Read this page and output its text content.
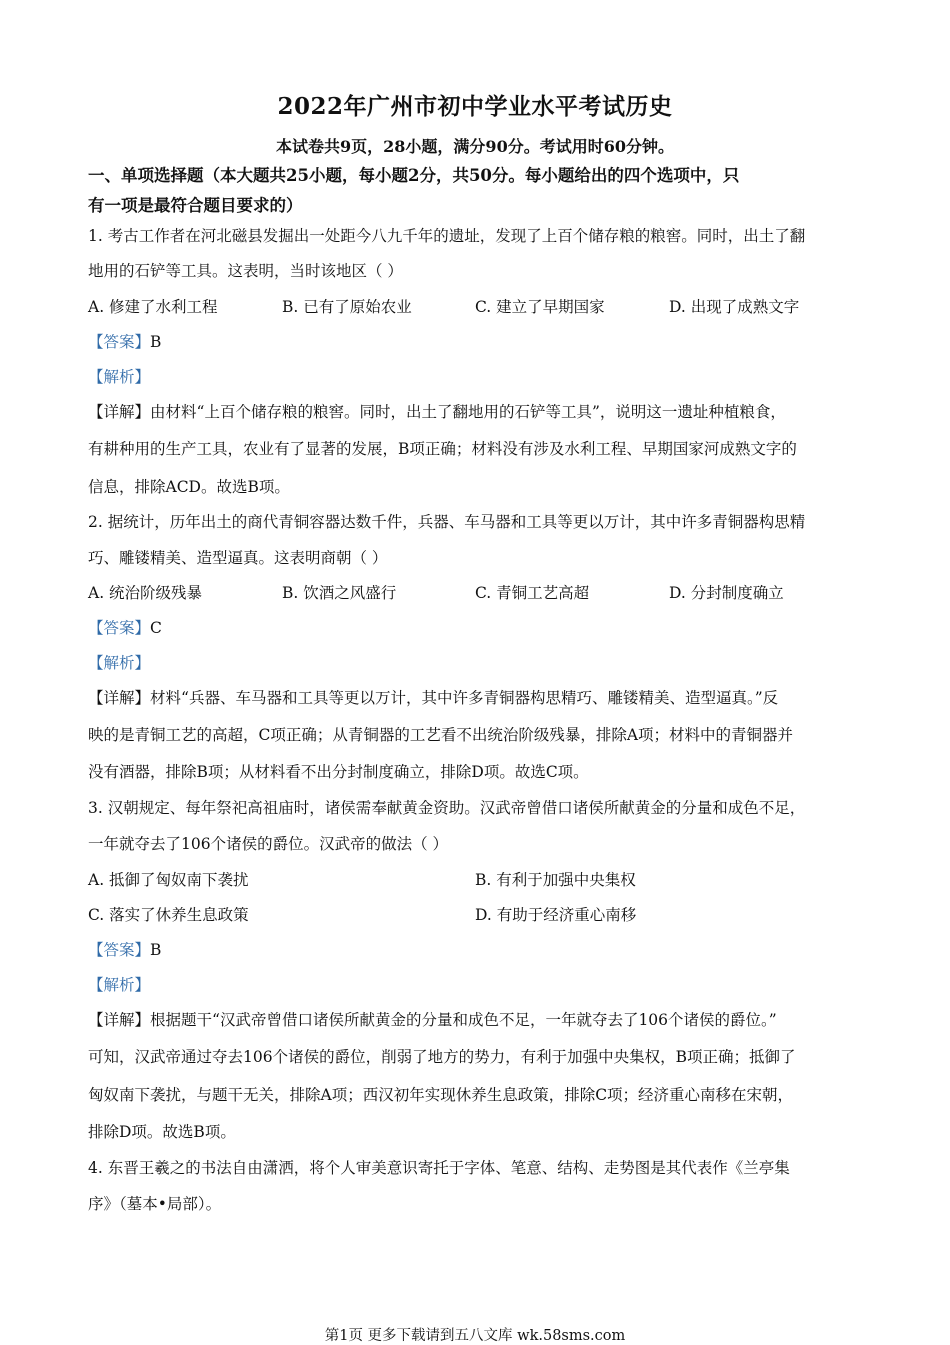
2022年广州市初中学业水平考试历史
本试卷共9页，28小题，满分90分。考试用时60分钟。
一、单项选择题（本大题共25小题，每小题2分，共50分。每小题给出的四个选项中，只
有一项是最符合题目要求的）
1. 考古工作者在河北磁县发掘出一处距今八九千年的遗址，发现了上百个储存粮的粮窖。同时，出土了翻
地用的石铲等工具。这表明，当时该地区（ ）
A. 修建了水利工程	B. 已有了原始农业	C. 建立了早期国家	D. 出现了成熟文字
【答案】B
【解析】
【详解】由材料“上百个储存粮的粮窖。同时，出土了翻地用的石铲等工具”，说明这一遗址种植粮食，
有耕种用的生产工具，农业有了显著的发展，B项正确；材料没有涉及水利工程、早期国家河成熟文字的
信息，排除ACD。故选B项。
2. 据统计，历年出土的商代青铜容器达数千件，兵器、车马器和工具等更以万计，其中许多青铜器构思精
巧、雕镂精美、造型逼真。这表明商朝（ ）
A. 统治阶级残暴	B. 饮酒之风盛行	C. 青铜工艺高超	D. 分封制度确立
【答案】C
【解析】
【详解】材料“兵器、车马器和工具等更以万计，其中许多青铜器构思精巧、雕镂精美、造型逼真。”反
映的是青铜工艺的高超，C项正确；从青铜器的工艺看不出统治阶级残暴，排除A项；材料中的青铜器并
没有酒器，排除B项；从材料看不出分封制度确立，排除D项。故选C项。
3. 汉朝规定、每年祭祀高祖庙时，诸侯需奉献黄金资助。汉武帝曾借口诸侯所献黄金的分量和成色不足，
一年就夺去了106个诸侯的爵位。汉武帝的做法（ ）
A. 抵御了匈奴南下袭扰	B. 有利于加强中央集权
C. 落实了休养生息政策	D. 有助于经济重心南移
【答案】B
【解析】
【详解】根据题干“汉武帝曾借口诸侯所献黄金的分量和成色不足，一年就夺去了106个诸侯的爵位。”
可知，汉武帝通过夺去106个诸侯的爵位，削弱了地方的势力，有利于加强中央集权，B项正确；抵御了
匈奴南下袭扰，与题干无关，排除A项；西汉初年实现休养生息政策，排除C项；经济重心南移在宋朝，
排除D项。故选B项。
4. 东晋王羲之的书法自由潇洒，将个人审美意识寄托于字体、笔意、结构、走势图是其代表作《兰亭集
序》（墓本•局部）。
第1页 更多下载请到五八文库 wk.58sms.com
